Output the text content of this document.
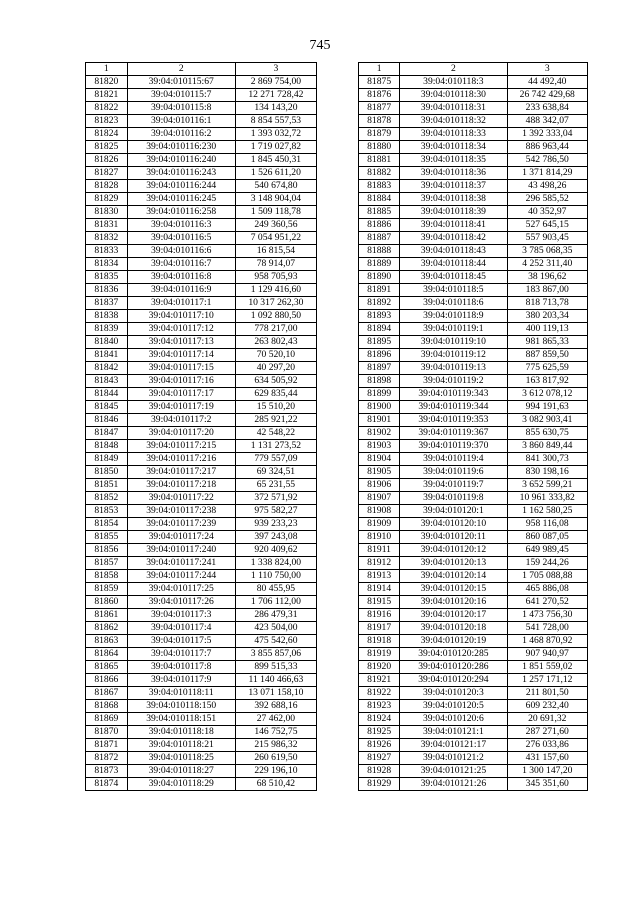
745
1	2	3
81820	39:04:010115:67	2 869 754,00
81821	39:04:010115:7	12 271 728,42
81822	39:04:010115:8	134 143,20
81823	39:04:010116:1	8 854 557,53
81824	39:04:010116:2	1 393 032,72
81825	39:04:010116:230	1 719 027,82
81826	39:04:010116:240	1 845 450,31
81827	39:04:010116:243	1 526 611,20
81828	39:04:010116:244	540 674,80
81829	39:04:010116:245	3 148 904,04
81830	39:04:010116:258	1 509 118,78
81831	39:04:010116:3	249 360,56
81832	39:04:010116:5	7 054 951,22
81833	39:04:010116:6	16 815,54
81834	39:04:010116:7	78 914,07
81835	39:04:010116:8	958 705,93
81836	39:04:010116:9	1 129 416,60
81837	39:04:010117:1	10 317 262,30
81838	39:04:010117:10	1 092 880,50
81839	39:04:010117:12	778 217,00
81840	39:04:010117:13	263 802,43
81841	39:04:010117:14	70 520,10
81842	39:04:010117:15	40 297,20
81843	39:04:010117:16	634 505,92
81844	39:04:010117:17	629 835,44
81845	39:04:010117:19	15 510,20
81846	39:04:010117:2	285 921,22
81847	39:04:010117:20	42 548,22
81848	39:04:010117:215	1 131 273,52
81849	39:04:010117:216	779 557,09
81850	39:04:010117:217	69 324,51
81851	39:04:010117:218	65 231,55
81852	39:04:010117:22	372 571,92
81853	39:04:010117:238	975 582,27
81854	39:04:010117:239	939 233,23
81855	39:04:010117:24	397 243,08
81856	39:04:010117:240	920 409,62
81857	39:04:010117:241	1 338 824,00
81858	39:04:010117:244	1 110 750,00
81859	39:04:010117:25	80 455,95
81860	39:04:010117:26	1 706 112,00
81861	39:04:010117:3	286 479,31
81862	39:04:010117:4	423 504,00
81863	39:04:010117:5	475 542,60
81864	39:04:010117:7	3 855 857,06
81865	39:04:010117:8	899 515,33
81866	39:04:010117:9	11 140 466,63
81867	39:04:010118:11	13 071 158,10
81868	39:04:010118:150	392 688,16
81869	39:04:010118:151	27 462,00
81870	39:04:010118:18	146 752,75
81871	39:04:010118:21	215 986,32
81872	39:04:010118:25	260 619,50
81873	39:04:010118:27	229 196,10
81874	39:04:010118:29	68 510,42
1	2	3
81875	39:04:010118:3	44 492,40
81876	39:04:010118:30	26 742 429,68
81877	39:04:010118:31	233 638,84
81878	39:04:010118:32	488 342,07
81879	39:04:010118:33	1 392 333,04
81880	39:04:010118:34	886 963,44
81881	39:04:010118:35	542 786,50
81882	39:04:010118:36	1 371 814,29
81883	39:04:010118:37	43 498,26
81884	39:04:010118:38	296 585,52
81885	39:04:010118:39	40 352,97
81886	39:04:010118:41	527 645,15
81887	39:04:010118:42	557 903,45
81888	39:04:010118:43	3 785 068,35
81889	39:04:010118:44	4 252 311,40
81890	39:04:010118:45	38 196,62
81891	39:04:010118:5	183 867,00
81892	39:04:010118:6	818 713,78
81893	39:04:010118:9	380 203,34
81894	39:04:010119:1	400 119,13
81895	39:04:010119:10	981 865,33
81896	39:04:010119:12	887 859,50
81897	39:04:010119:13	775 625,59
81898	39:04:010119:2	163 817,92
81899	39:04:010119:343	3 612 078,12
81900	39:04:010119:344	994 191,63
81901	39:04:010119:353	3 082 903,41
81902	39:04:010119:367	855 630,75
81903	39:04:010119:370	3 860 849,44
81904	39:04:010119:4	841 300,73
81905	39:04:010119:6	830 198,16
81906	39:04:010119:7	3 652 599,21
81907	39:04:010119:8	10 961 333,82
81908	39:04:010120:1	1 162 580,25
81909	39:04:010120:10	958 116,08
81910	39:04:010120:11	860 087,05
81911	39:04:010120:12	649 989,45
81912	39:04:010120:13	159 244,26
81913	39:04:010120:14	1 705 088,88
81914	39:04:010120:15	465 886,08
81915	39:04:010120:16	641 270,52
81916	39:04:010120:17	1 473 756,30
81917	39:04:010120:18	541 728,00
81918	39:04:010120:19	1 468 870,92
81919	39:04:010120:285	907 940,97
81920	39:04:010120:286	1 851 559,02
81921	39:04:010120:294	1 257 171,12
81922	39:04:010120:3	211 801,50
81923	39:04:010120:5	609 232,40
81924	39:04:010120:6	20 691,32
81925	39:04:010121:1	287 271,60
81926	39:04:010121:17	276 033,86
81927	39:04:010121:2	431 157,60
81928	39:04:010121:25	1 300 147,20
81929	39:04:010121:26	345 351,60
